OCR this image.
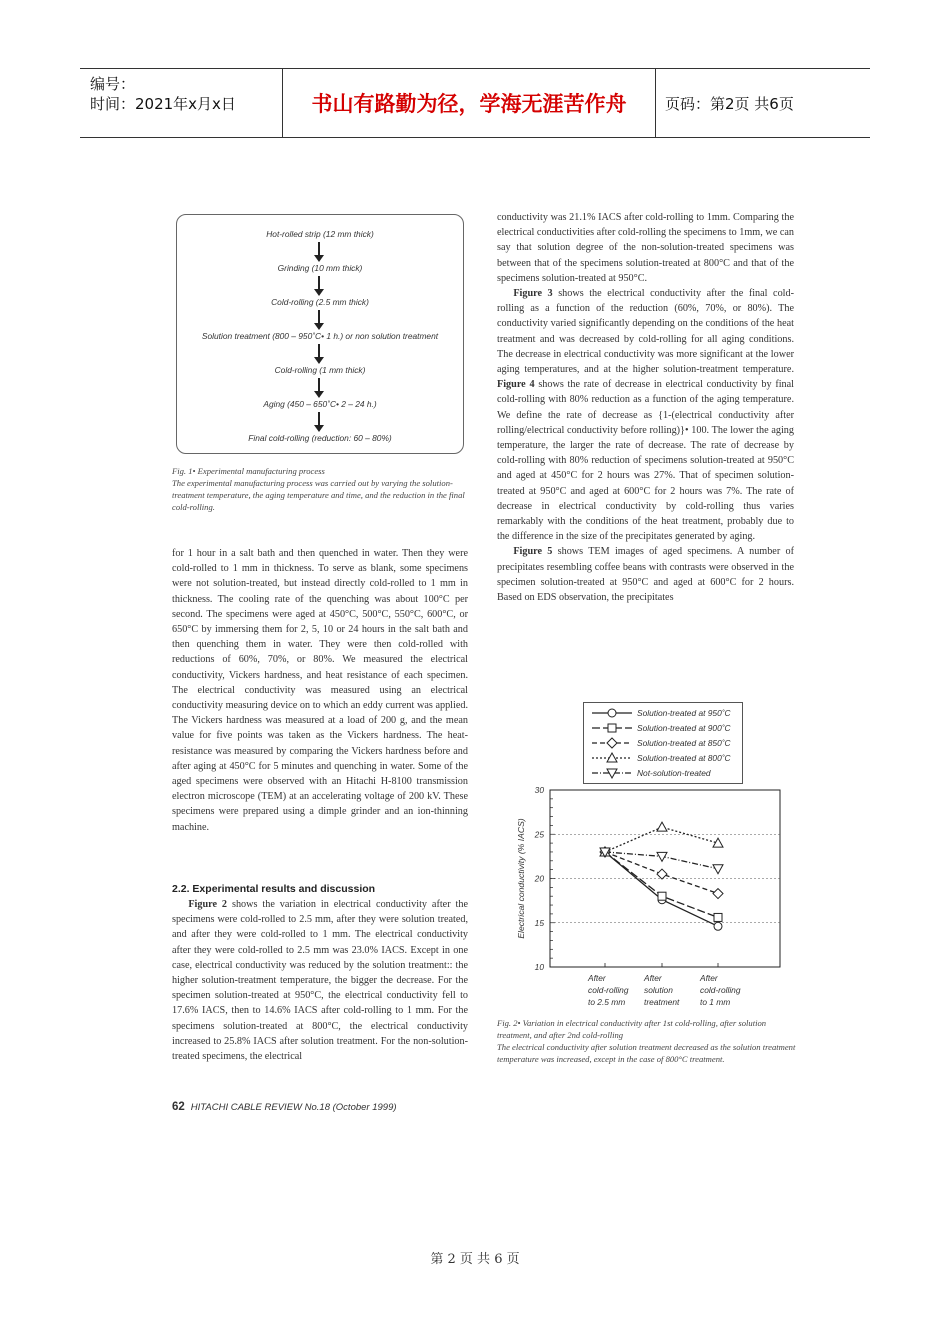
编号：
时间：2021年x月x日	书山有路勤为径，学海无涯苦作舟	页码：第2页 共6页
Hot-rolled strip (12 mm thick)
Grinding (10 mm thick)
Cold-rolling (2.5 mm thick)
Solution treatment (800 – 950˚C• 1 h.) or non solution treatment
Cold-rolling (1 mm thick)
Aging (450 – 650˚C• 2 – 24 h.)
Final cold-rolling (reduction: 60 – 80%)
Fig. 1• Experimental manufacturing process
The experimental manufacturing process was carried out by varying the solution-treatment temperature, the aging temperature and time, and the reduction in the final cold-rolling.

for 1 hour in a salt bath and then quenched in water. Then they were cold-rolled to 1 mm in thickness. To serve as blank, some specimens were not solution-treated, but instead directly cold-rolled to 1 mm in thickness. The cooling rate of the quenching was about 100°C per second. The specimens were aged at 450°C, 500°C, 550°C, 600°C, or 650°C by immersing them for 2, 5, 10 or 24 hours in the salt bath and then quenching them in water. They were then cold-rolled with reductions of 60%, 70%, or 80%. We measured the electrical conductivity, Vickers hardness, and heat resistance of each specimen. The electrical conductivity was measured using an electrical conductivity measuring device on to which an eddy current was applied. The Vickers hardness was measured at a load of 200 g, and the mean value for five points was taken as the Vickers hardness. The heat-resistance was measured by comparing the Vickers hardness before and after aging at 450°C for 5 minutes and quenching in water. Some of the aged specimens were observed with an Hitachi H-8100 transmission electron microscope (TEM) at an accelerating voltage of 200 kV. These specimens were prepared using a dimple grinder and an ion-thinning machine.

2.2. Experimental results and discussion

Figure 2 shows the variation in electrical conductivity after the specimens were cold-rolled to 2.5 mm, after they were solution treated, and after they were cold-rolled to 1 mm. The electrical conductivity after they were cold-rolled to 2.5 mm was 23.0% IACS. Except in one case, electrical conductivity was reduced by the solution treatment:: the higher solution-treatment temperature, the bigger the decrease. For the specimen solution-treated at 950°C, the electrical conductivity fell to 17.6% IACS, then to 14.6% IACS after cold-rolling to 1 mm. For the specimens solution-treated at 800°C, the electrical conductivity increased to 25.8% IACS after solution treatment. For the non-solution-treated specimens, the electrical

conductivity was 21.1% IACS after cold-rolling to 1mm. Comparing the electrical conductivities after cold-rolling the specimens to 1mm, we can say that solution degree of the non-solution-treated specimens was between that of the specimens solution-treated at 800°C and that of the specimens solution-treated at 950°C.

Figure 3 shows the electrical conductivity after the final cold-rolling as a function of the reduction (60%, 70%, or 80%). The conductivity varied significantly depending on the conditions of the heat treatment and was decreased by cold-rolling for all aging conditions. The decrease in electrical conductivity was more significant at the lower aging temperatures, and at the higher solution-treatment temperature. Figure 4 shows the rate of decrease in electrical conductivity by final cold-rolling with 80% reduction as a function of the aging temperature. We define the rate of decrease as {1-(electrical conductivity after rolling/electrical conductivity before rolling)}• 100. The lower the aging temperature, the larger the rate of decrease. The rate of decrease by cold-rolling with 80% reduction of specimens solution-treated at 950°C and aged at 450°C for 2 hours was 27%. That of specimen solution-treated at 950°C and aged at 600°C for 2 hours was 7%. The rate of decrease in electrical conductivity by cold-rolling thus varies remarkably with the conditions of the heat treatment, probably due to the difference in the size of the precipitates generated by aging.

Figure 5 shows TEM images of aged specimens. A number of precipitates resembling coffee beans with contrasts were observed in the specimen solution-treated at 950°C and aged at 600°C for 2 hours. Based on EDS observation, the precipitates

Solution-treated at 950˚C
Solution-treated at 900˚C
Solution-treated at 850˚C
Solution-treated at 800˚C
Not-solution-treated
10
15
20
25
30
Electrical conductivity (% IACS)
After
cold-rolling
to 2.5 mm
After
solution
treatment
After
cold-rolling
to 1 mm
Fig. 2• Variation in electrical conductivity after 1st cold-rolling, after solution treatment, and after 2nd cold-rolling
The electrical conductivity after solution treatment decreased as the solution treatment temperature was increased, except in the case of 800°C treatment.
62 HITACHI CABLE REVIEW No.18 (October 1999)
第 2 页 共 6 页
